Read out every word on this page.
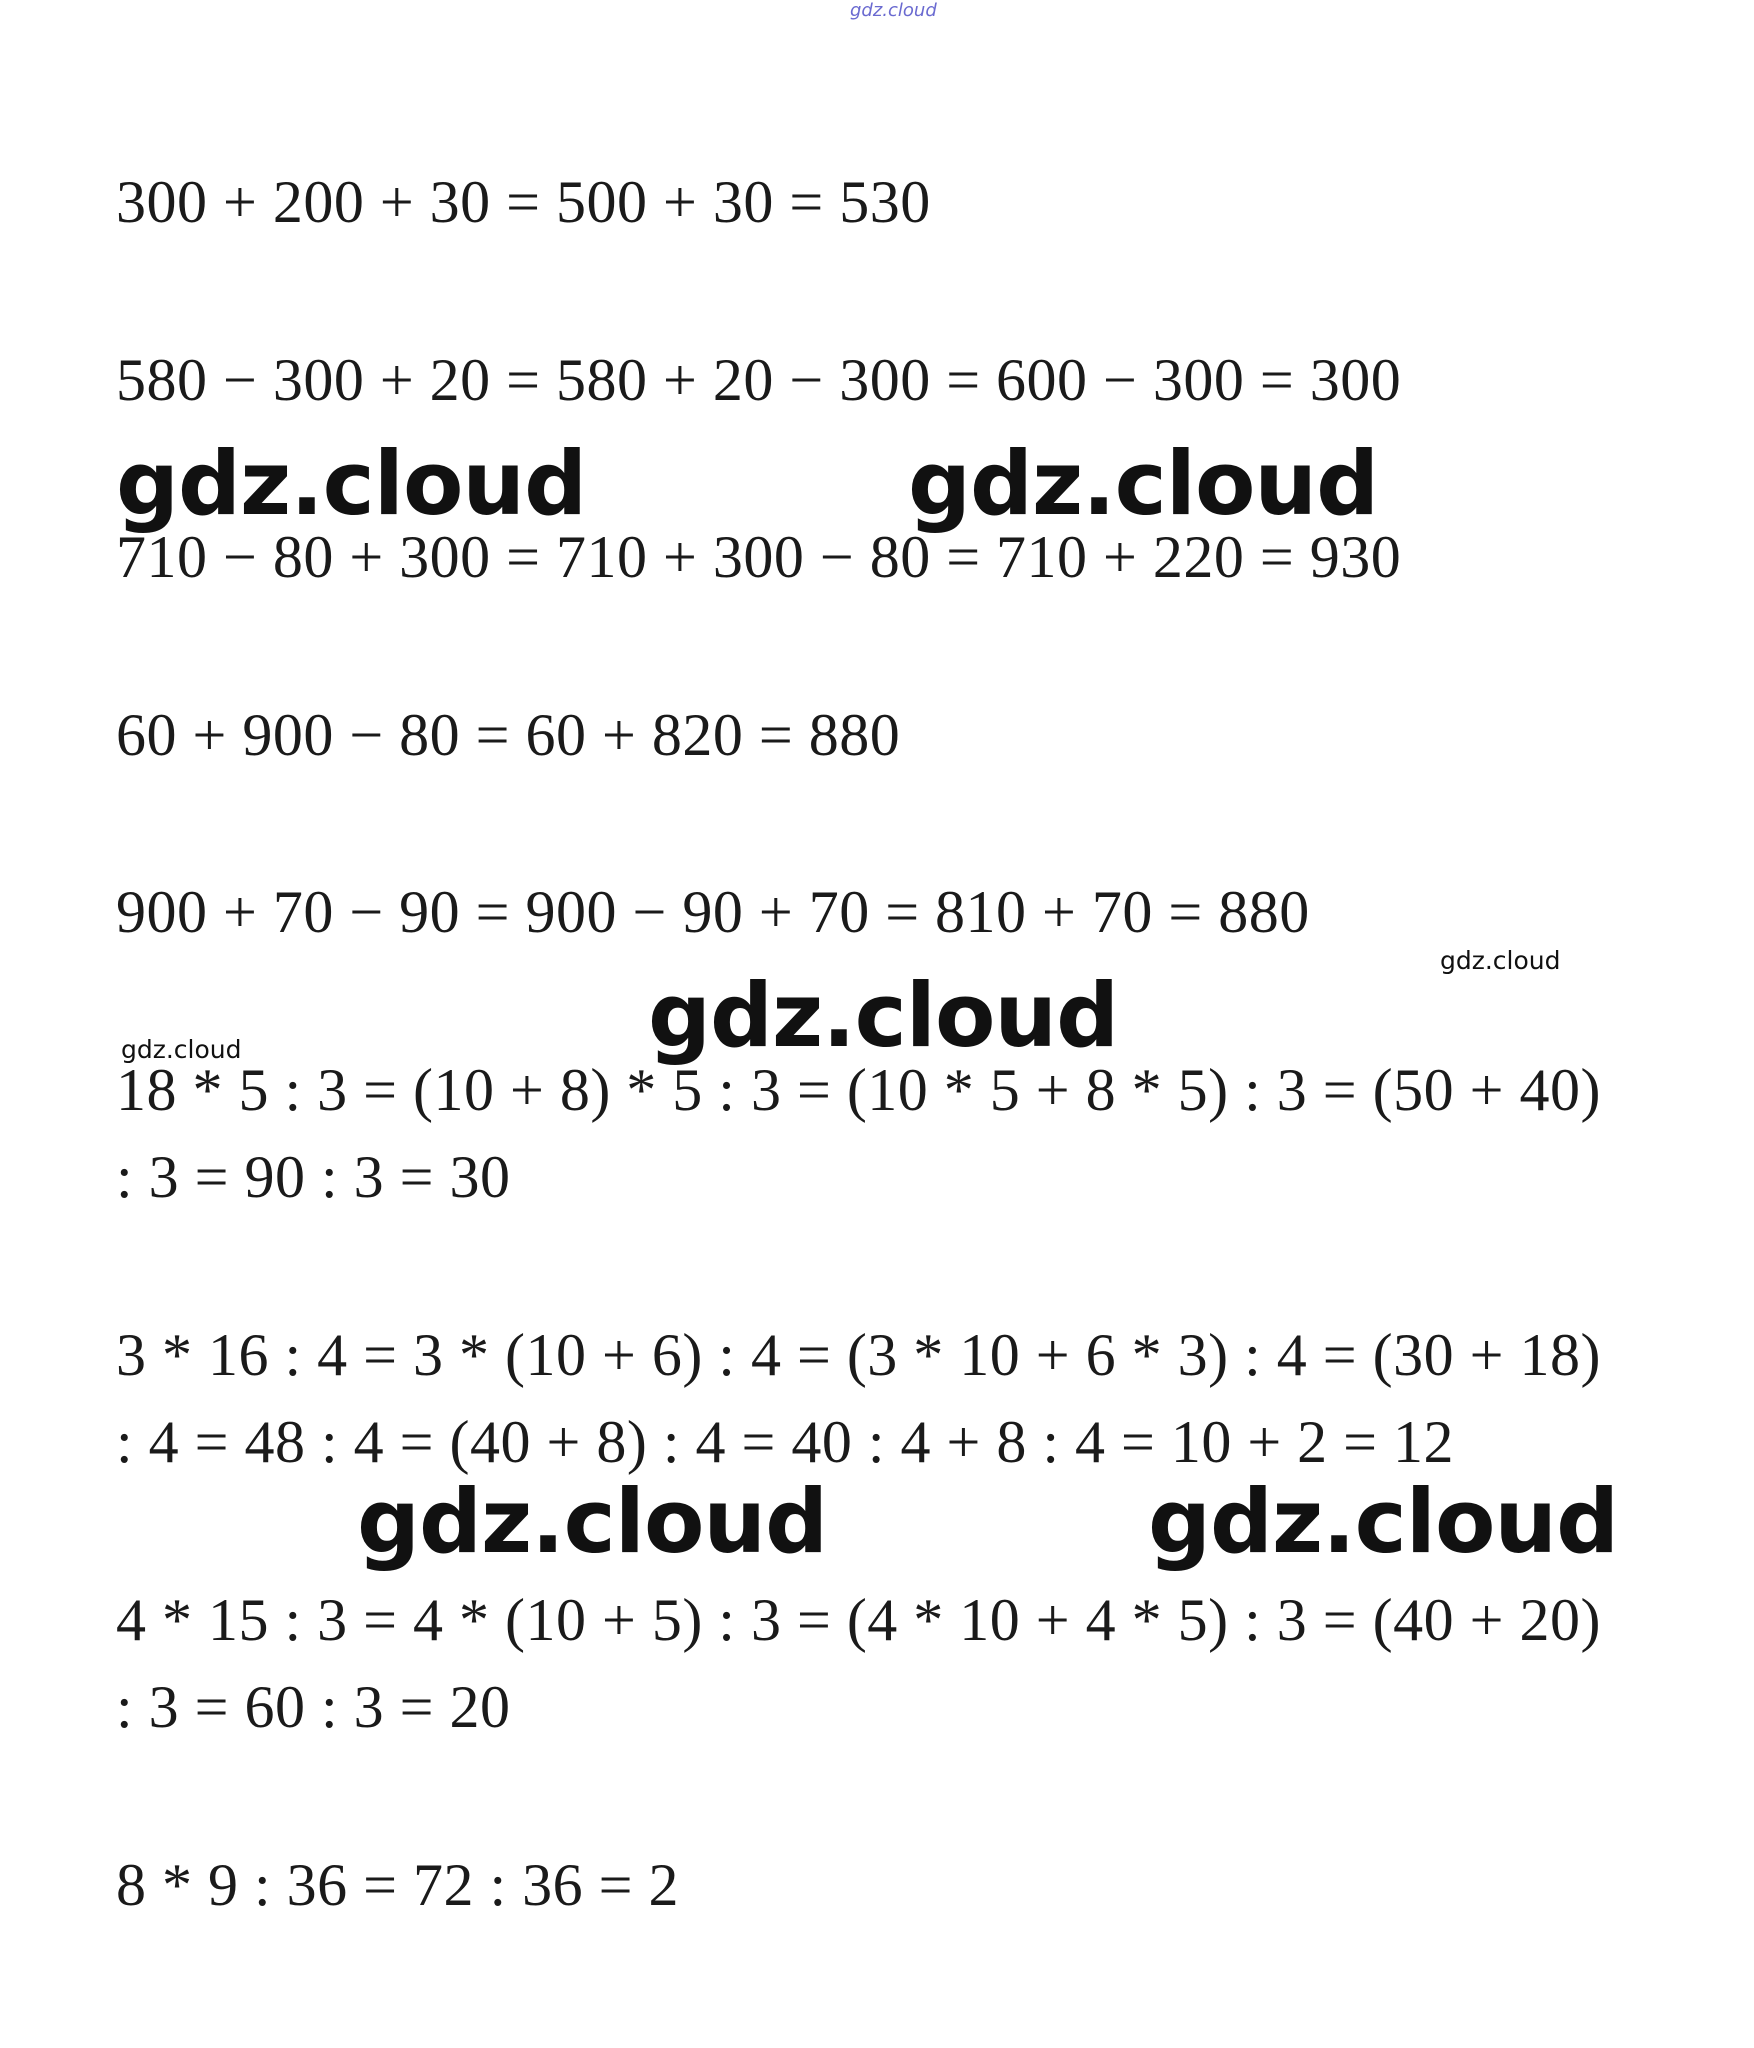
gdz.cloud
300 + 200 + 30 = 500 + 30 = 530
580 − 300 + 20 = 580 + 20 − 300 = 600 − 300 = 300
710 − 80 + 300 = 710 + 300 − 80 = 710 + 220 = 930
60 + 900 − 80 = 60 + 820 = 880
900 + 70 − 90 = 900 − 90 + 70 = 810 + 70 = 880
18 * 5 : 3 = (10 + 8) * 5 : 3 = (10 * 5 + 8 * 5) : 3 = (50 + 40)
: 3 = 90 : 3 = 30
3 * 16 : 4 = 3 * (10 + 6) : 4 = (3 * 10 + 6 * 3) : 4 = (30 + 18)
: 4 = 48 : 4 = (40 + 8) : 4 = 40 : 4 + 8 : 4 = 10 + 2 = 12
4 * 15 : 3 = 4 * (10 + 5) : 3 = (4 * 10 + 4 * 5) : 3 = (40 + 20)
: 3 = 60 : 3 = 20
8 * 9 : 36 = 72 : 36 = 2
gdz.cloud	gdz.cloud
gdz.cloud
gdz.cloud	gdz.cloud
gdz.cloud
gdz.cloud
